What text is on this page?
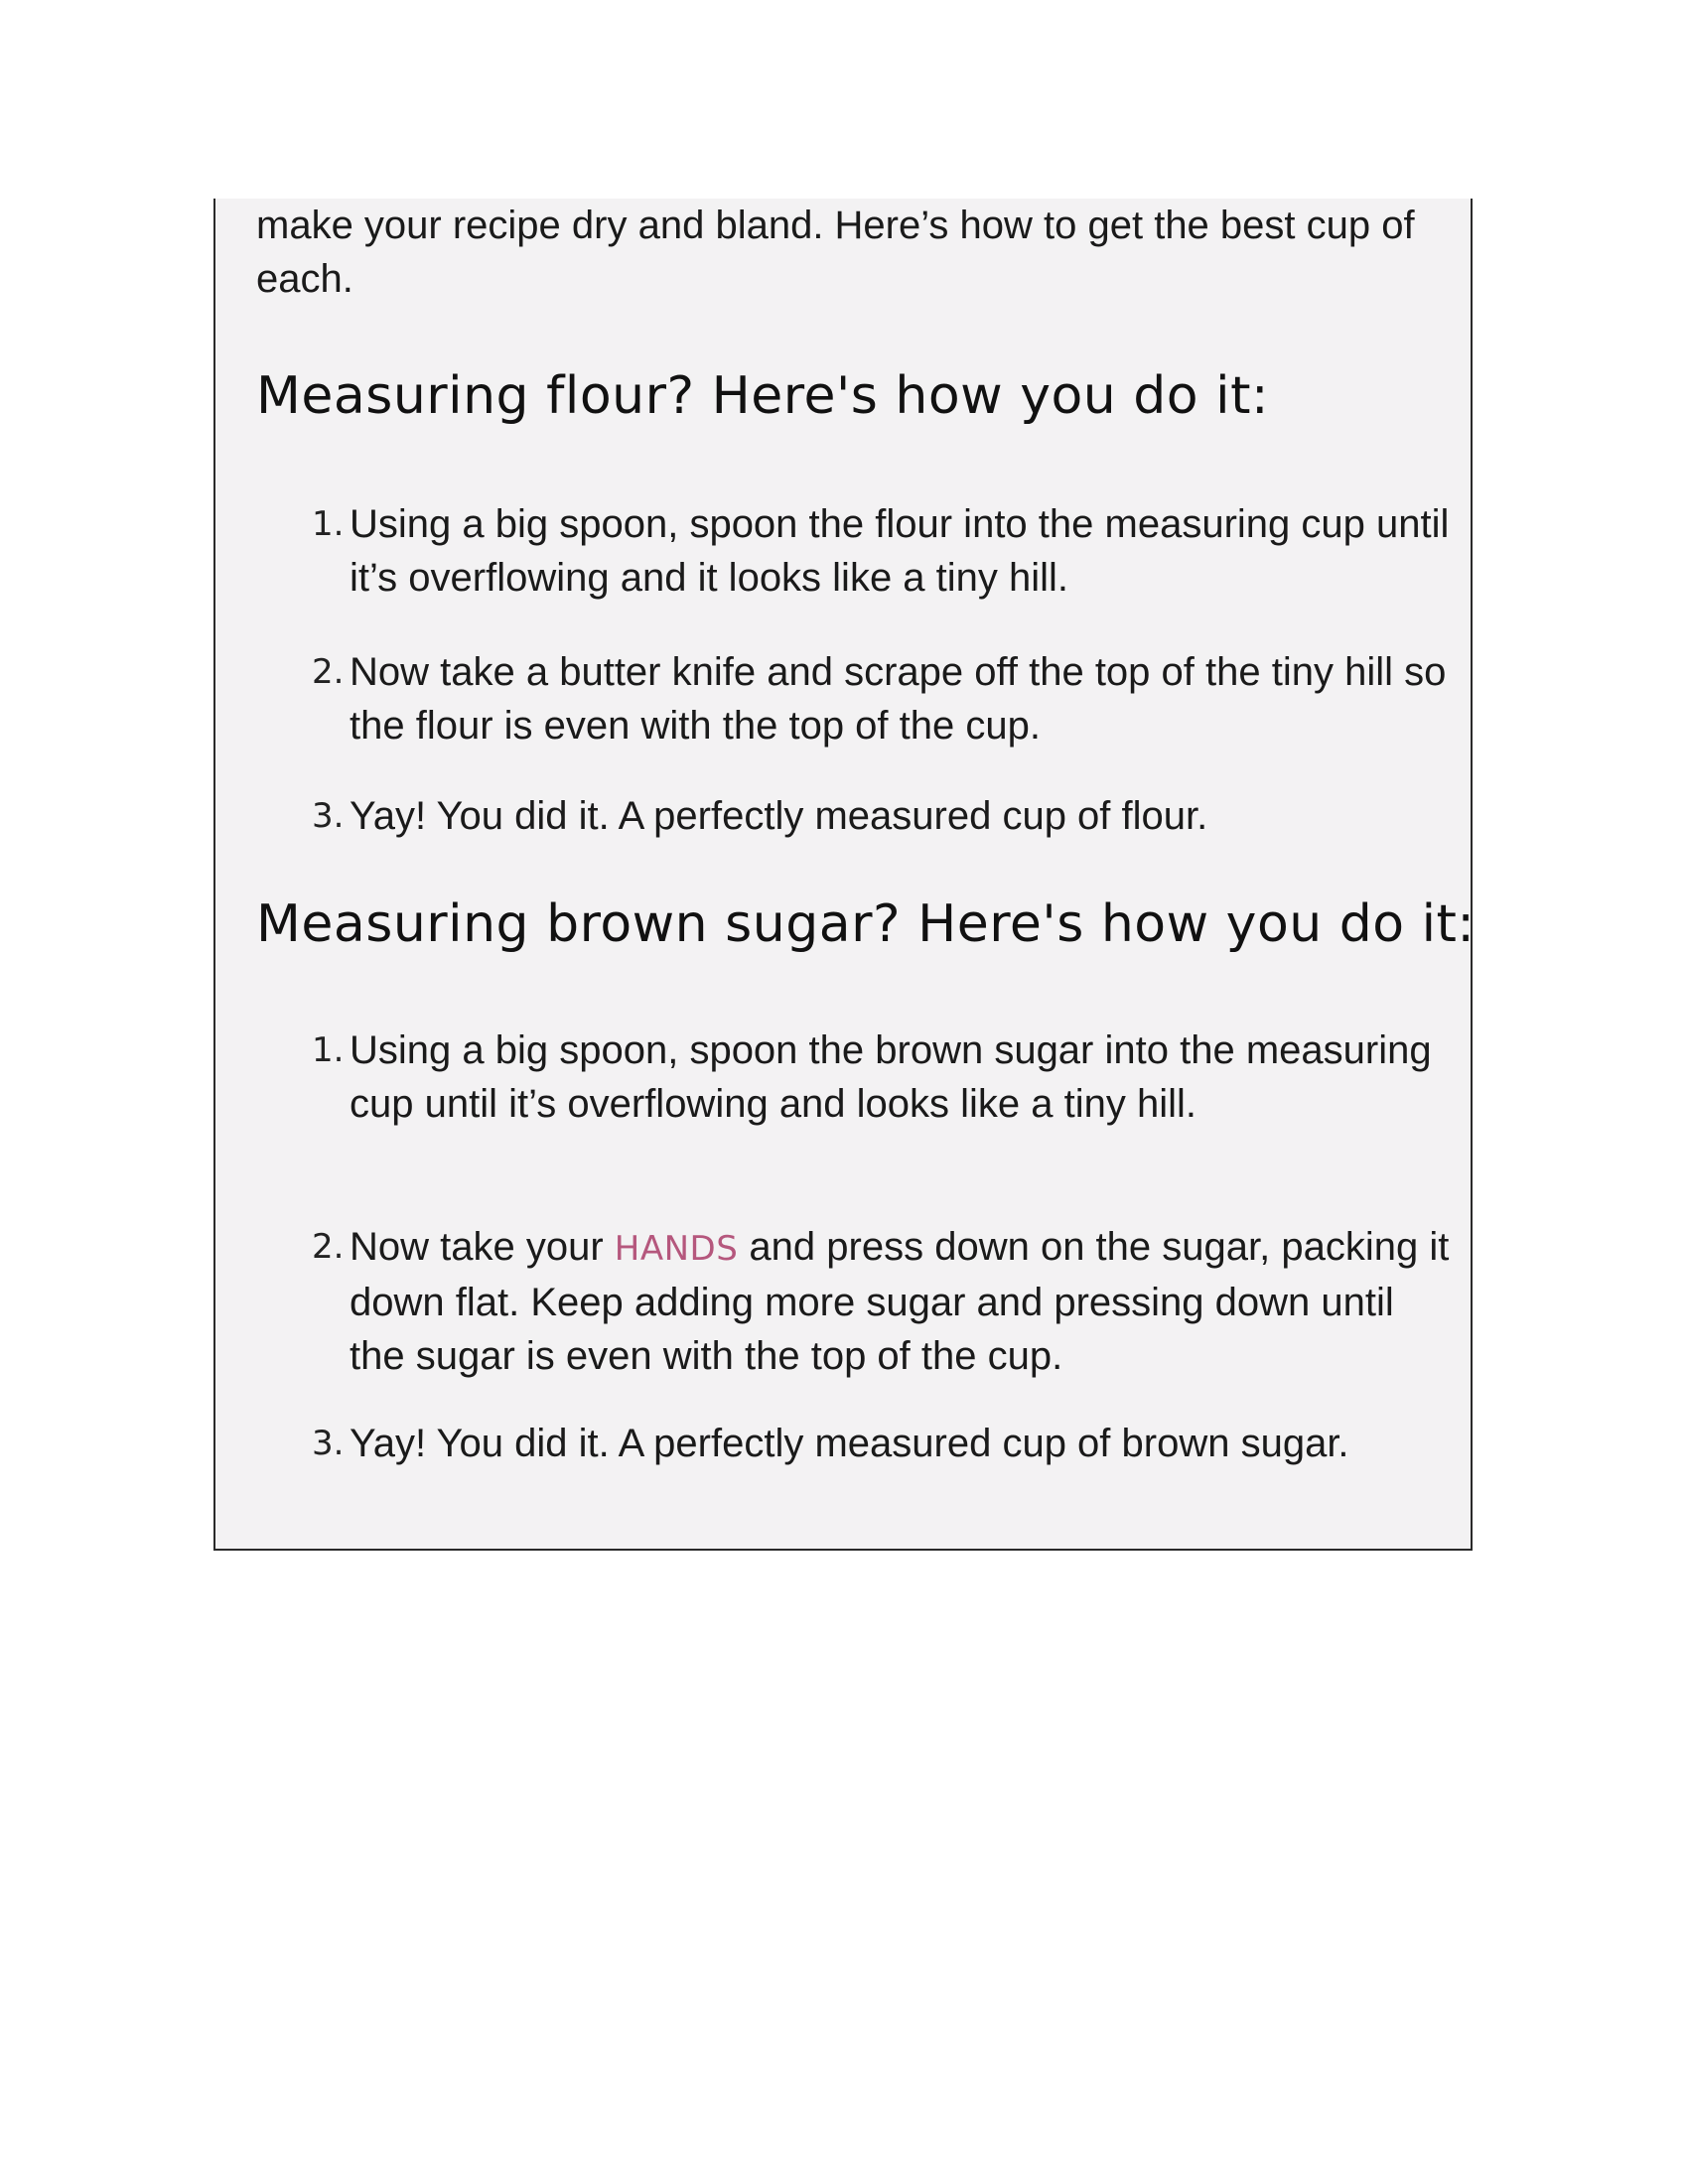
make your recipe dry and bland. Here’s how to get the best cup of each.

Measuring flour? Here's how you do it:
1. Using a big spoon, spoon the flour into the measuring cup until it’s overflowing and it looks like a tiny hill.

2. Now take a butter knife and scrape off the top of the tiny hill so the flour is even with the top of the cup.

3. Yay! You did it. A perfectly measured cup of flour.

Measuring brown sugar? Here's how you do it:
1. Using a big spoon, spoon the brown sugar into the measuring cup until it’s overflowing and looks like a tiny hill.

2. Now take your HANDS and press down on the sugar, packing it down flat. Keep adding more sugar and pressing down until the sugar is even with the top of the cup.

3. Yay! You did it. A perfectly measured cup of brown sugar.
